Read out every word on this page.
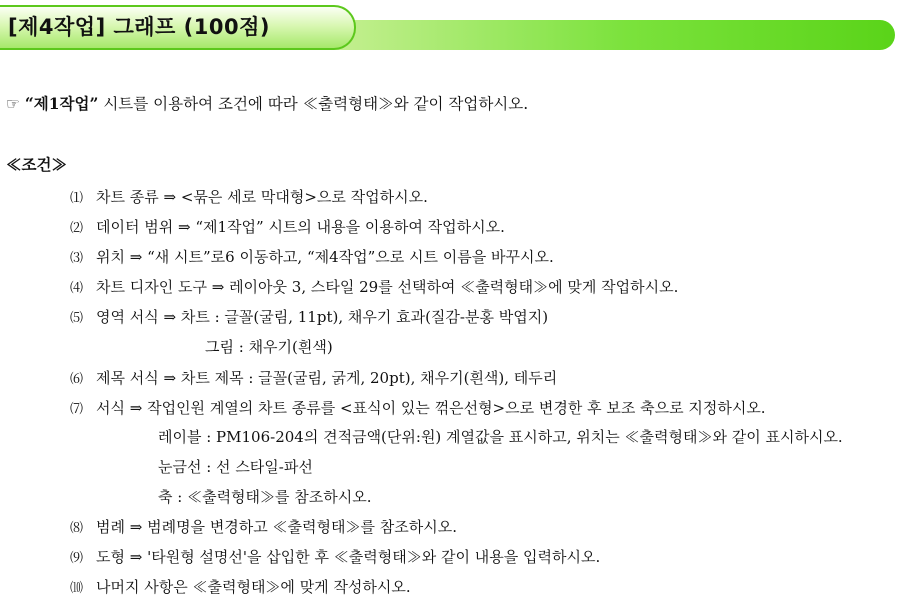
[제4작업] 그래프 (100점)
☞ “제1작업” 시트를 이용하여 조건에 따라 ≪출력형태≫와 같이 작업하시오.
≪조건≫
⑴ 차트 종류 ⇒ <묶은 세로 막대형>으로 작업하시오.
⑵ 데이터 범위 ⇒ “제1작업” 시트의 내용을 이용하여 작업하시오.
⑶ 위치 ⇒ “새 시트”로6 이동하고, “제4작업”으로 시트 이름을 바꾸시오.
⑷ 차트 디자인 도구 ⇒ 레이아웃 3, 스타일 29를 선택하여 ≪출력형태≫에 맞게 작업하시오.
⑸ 영역 서식 ⇒ 차트 : 글꼴(굴림, 11pt), 채우기 효과(질감-분홍 박엽지)
그림 : 채우기(흰색)
⑹ 제목 서식 ⇒ 차트 제목 : 글꼴(굴림, 굵게, 20pt), 채우기(흰색), 테두리
⑺ 서식 ⇒ 작업인원 계열의 차트 종류를 <표식이 있는 꺾은선형>으로 변경한 후 보조 축으로 지정하시오.
레이블 : PM106-204의 견적금액(단위:원) 계열값을 표시하고, 위치는 ≪출력형태≫와 같이 표시하시오.
눈금선 : 선 스타일-파선
축 : ≪출력형태≫를 참조하시오.
⑻ 범례 ⇒ 범례명을 변경하고 ≪출력형태≫를 참조하시오.
⑼ 도형 ⇒ '타원형 설명선'을 삽입한 후 ≪출력형태≫와 같이 내용을 입력하시오.
⑽ 나머지 사항은 ≪출력형태≫에 맞게 작성하시오.
